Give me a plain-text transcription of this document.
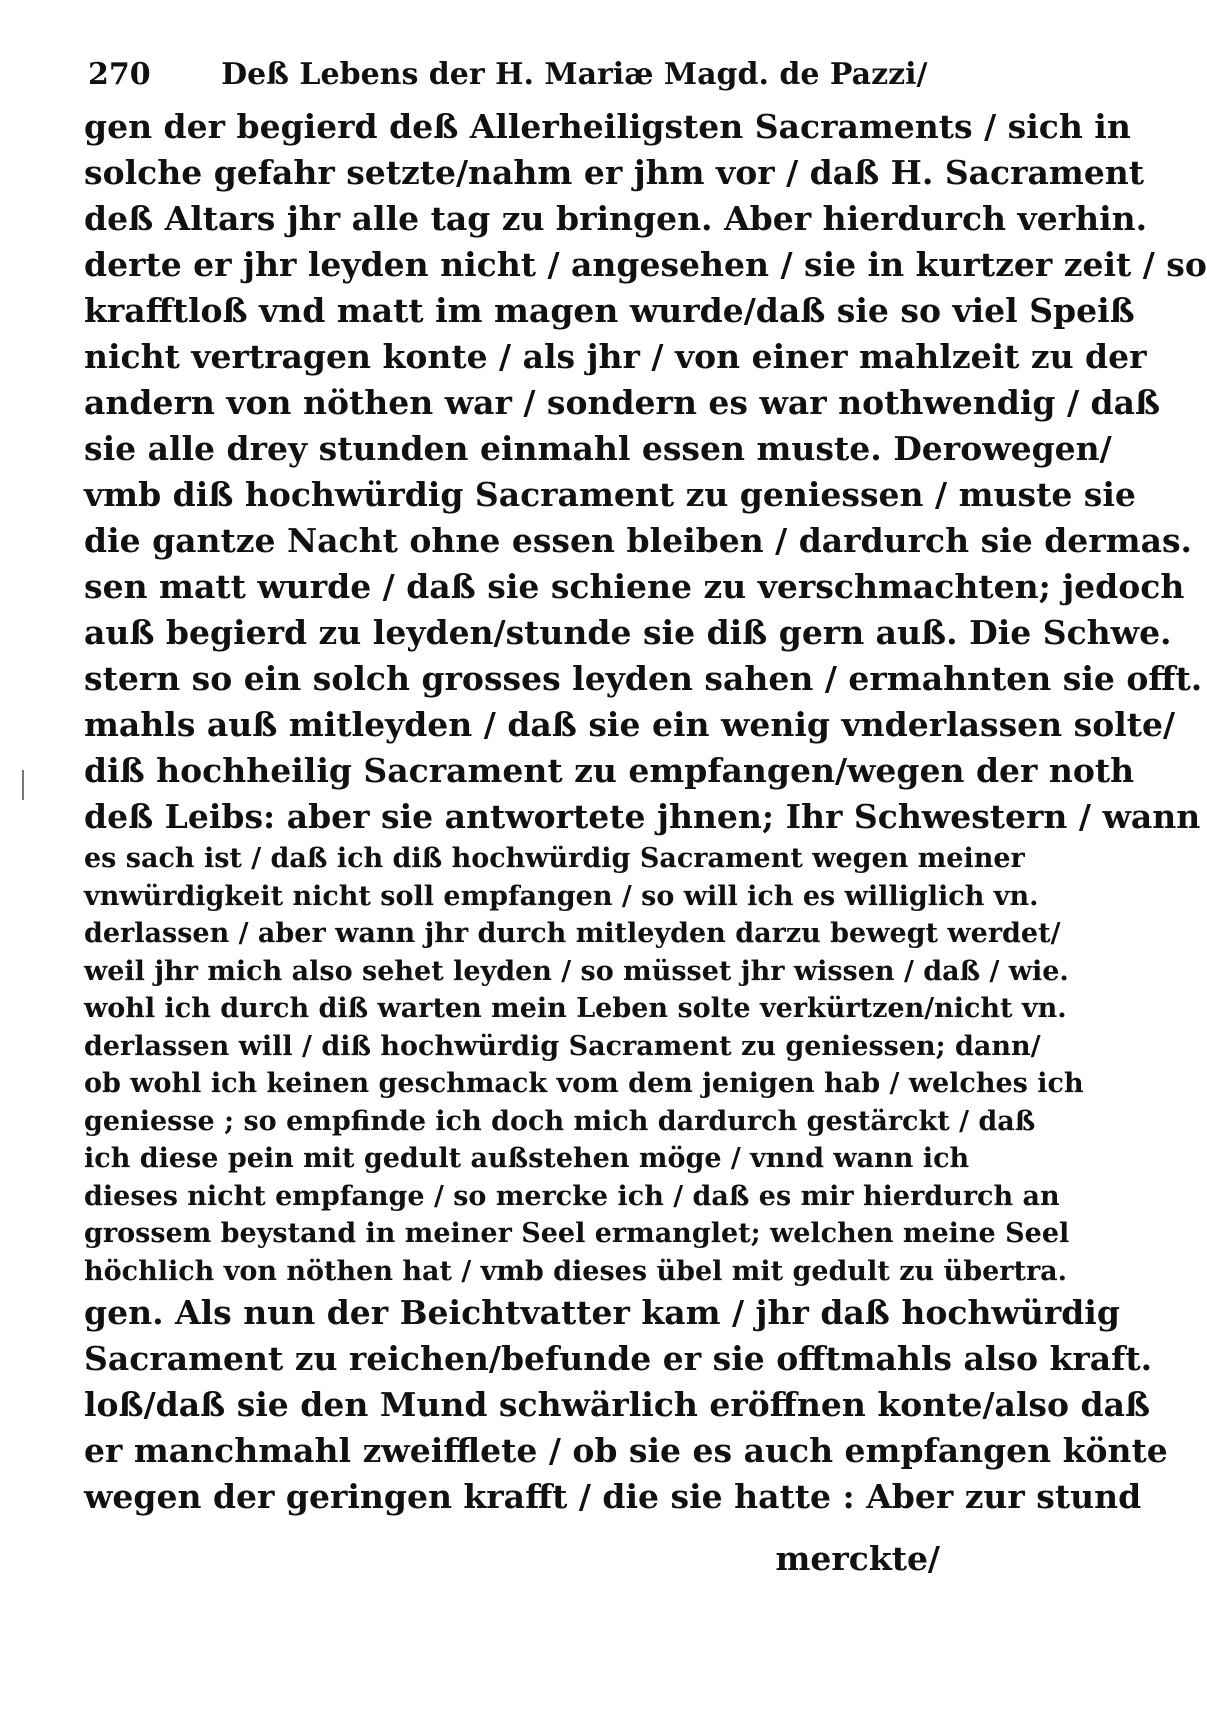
270 Deß Lebens der H. Mariæ Magd. de Pazzi/
gen der begierd deß Allerheiligsten Sacraments / sich in
solche gefahr setzte/nahm er jhm vor / daß H. Sacrament
deß Altars jhr alle tag zu bringen. Aber hierdurch verhin.
derte er jhr leyden nicht / angesehen / sie in kurtzer zeit / so
krafftloß vnd matt im magen wurde/daß sie so viel Speiß
nicht vertragen konte / als jhr / von einer mahlzeit zu der
andern von nöthen war / sondern es war nothwendig / daß
sie alle drey stunden einmahl essen muste. Derowegen/
vmb diß hochwürdig Sacrament zu geniessen / muste sie
die gantze Nacht ohne essen bleiben / dardurch sie dermas.
sen matt wurde / daß sie schiene zu verschmachten; jedoch
auß begierd zu leyden/stunde sie diß gern auß. Die Schwe.
stern so ein solch grosses leyden sahen / ermahnten sie offt.
mahls auß mitleyden / daß sie ein wenig vnderlassen solte/
diß hochheilig Sacrament zu empfangen/wegen der noth
deß Leibs: aber sie antwortete jhnen; Ihr Schwestern / wann
es sach ist / daß ich diß hochwürdig Sacrament wegen meiner
vnwürdigkeit nicht soll empfangen / so will ich es williglich vn.
derlassen / aber wann jhr durch mitleyden darzu bewegt werdet/
weil jhr mich also sehet leyden / so müsset jhr wissen / daß / wie.
wohl ich durch diß warten mein Leben solte verkürtzen/nicht vn.
derlassen will / diß hochwürdig Sacrament zu geniessen; dann/
ob wohl ich keinen geschmack vom dem jenigen hab / welches ich
geniesse ; so empfinde ich doch mich dardurch gestärckt / daß
ich diese pein mit gedult außstehen möge / vnnd wann ich
dieses nicht empfange / so mercke ich / daß es mir hierdurch an
grossem beystand in meiner Seel ermanglet; welchen meine Seel
höchlich von nöthen hat / vmb dieses übel mit gedult zu übertra.
gen. Als nun der Beichtvatter kam / jhr daß hochwürdig
Sacrament zu reichen/befunde er sie offtmahls also kraft.
loß/daß sie den Mund schwärlich eröffnen konte/also daß
er manchmahl zweifflete / ob sie es auch empfangen könte
wegen der geringen krafft / die sie hatte : Aber zur stund
merckte/
